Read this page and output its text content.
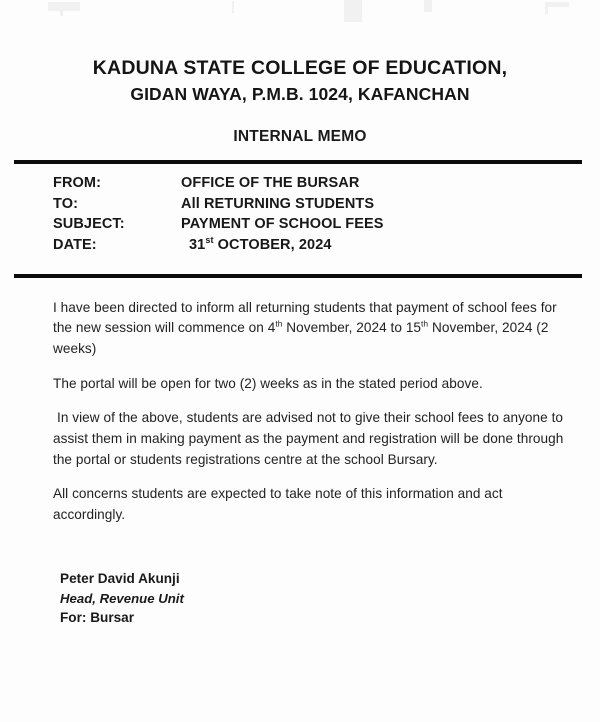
KADUNA STATE COLLEGE OF EDUCATION,
GIDAN WAYA, P.M.B. 1024, KAFANCHAN
INTERNAL MEMO
FROM:	OFFICE OF THE BURSAR
TO:	All RETURNING STUDENTS
SUBJECT:	PAYMENT OF SCHOOL FEES
DATE:	31st OCTOBER, 2024

I have been directed to inform all returning students that payment of school fees for the new session will commence on 4th November, 2024 to 15th November, 2024 (2 weeks)

The portal will be open for two (2) weeks as in the stated period above.

In view of the above, students are advised not to give their school fees to anyone to assist them in making payment as the payment and registration will be done through the portal or students registrations centre at the school Bursary.

All concerns students are expected to take note of this information and act accordingly.

Peter David Akunji
Head, Revenue Unit
For: Bursar
